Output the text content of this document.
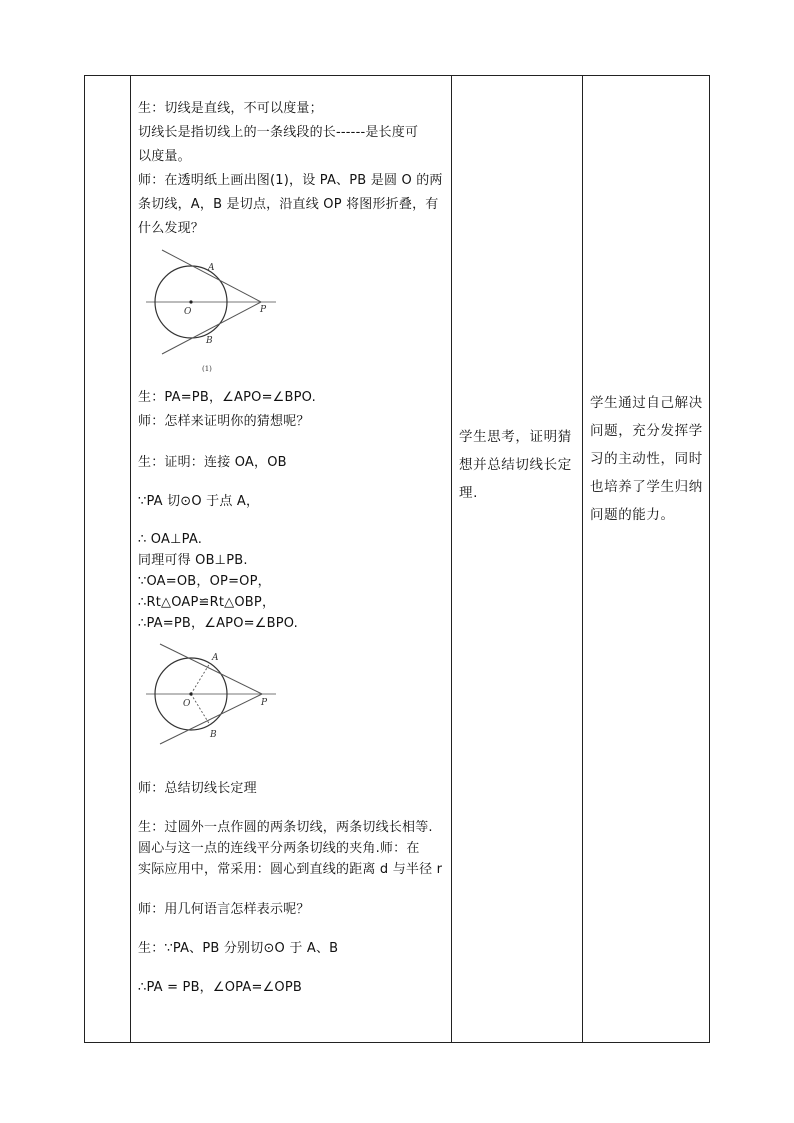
生：切线是直线，不可以度量；
切线长是指切线上的一条线段的长------是长度可
以度量。
师：在透明纸上画出图(1)，设 PA、PB 是圆 O 的两
条切线，A，B 是切点，沿直线 OP 将图形折叠，有
什么发现？
A
B
O	P
(1)
生：PA=PB，∠APO=∠BPO.
师：怎样来证明你的猜想呢？
生：证明：连接 OA，OB
∵PA 切⊙O 于点 A，
∴ OA⊥PA.
同理可得 OB⊥PB.
∵OA=OB，OP=OP，
∴Rt△OAP≌Rt△OBP，
∴PA=PB，∠APO=∠BPO.
A
B
O	P
师：总结切线长定理
生：过圆外一点作圆的两条切线，两条切线长相等.
圆心与这一点的连线平分两条切线的夹角.师：在
实际应用中，常采用：圆心到直线的距离 d 与半径 r
师：用几何语言怎样表示呢？
生：∵PA、PB 分别切⊙O 于 A、B
∴PA = PB，∠OPA=∠OPB
学生思考，证明猜
想并总结切线长定
理.
学生通过自己解决
问题，充分发挥学
习的主动性，同时
也培养了学生归纳
问题的能力。
